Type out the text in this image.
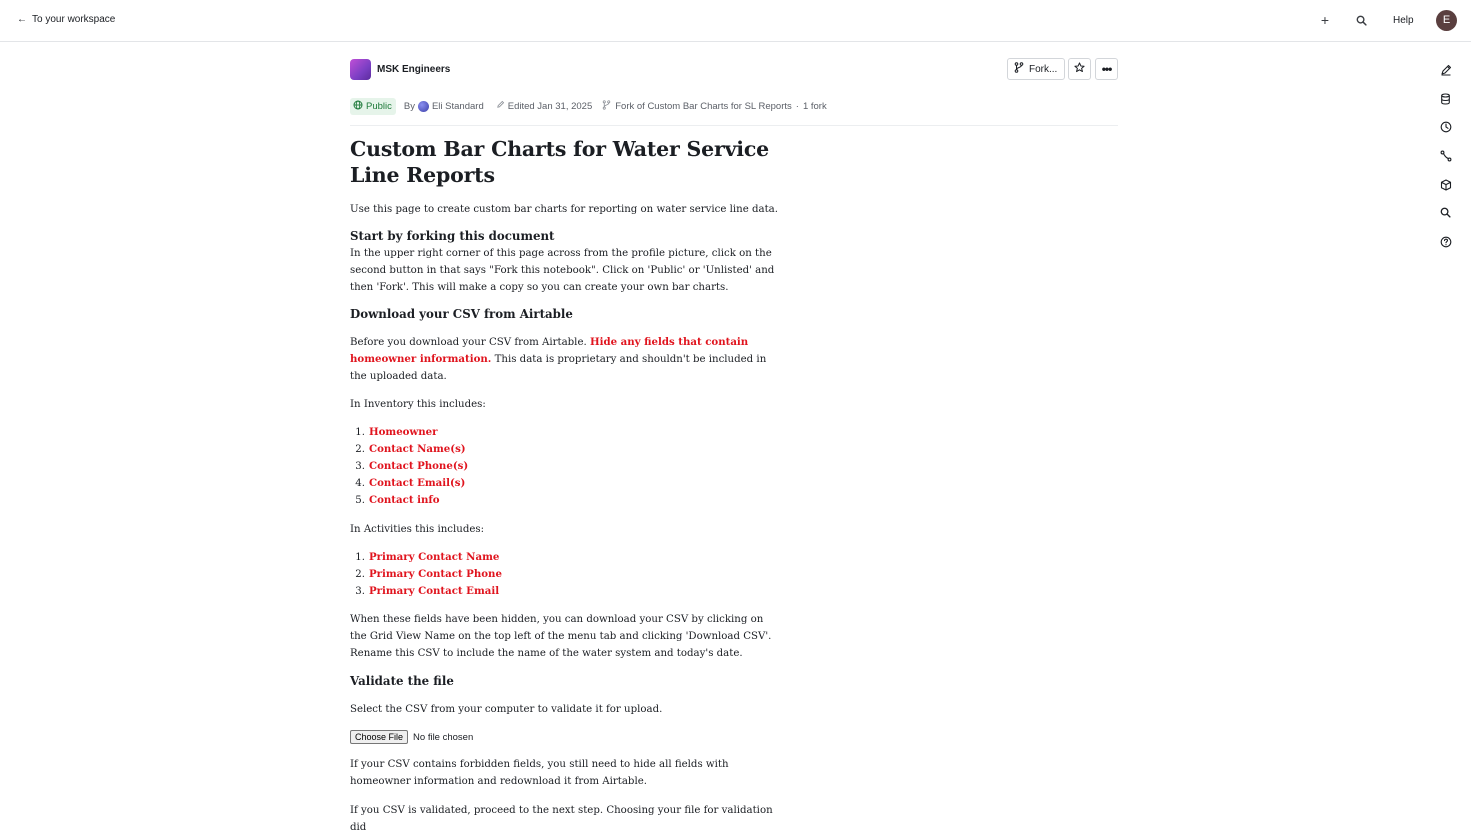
← To your workspace	+	Help	E
MSK Engineers	Fork...	•••
Public By Eli Standard	Edited Jan 31, 2025 Fork of Custom Bar Charts for SL Reports · 1 fork
Custom Bar Charts for Water Service Line Reports

Use this page to create custom bar charts for reporting on water service line data.

Start by forking this document

In the upper right corner of this page across from the profile picture, click on the second button in that says "Fork this notebook". Click on 'Public' or 'Unlisted' and then 'Fork'. This will make a copy so you can create your own bar charts.

Download your CSV from Airtable

Before you download your CSV from Airtable. Hide any fields that contain homeowner information. This data is proprietary and shouldn't be included in the uploaded data.

In Inventory this includes:

1. Homeowner
2. Contact Name(s)
3. Contact Phone(s)
4. Contact Email(s)
5. Contact info

In Activities this includes:

1. Primary Contact Name
2. Primary Contact Phone
3. Primary Contact Email

When these fields have been hidden, you can download your CSV by clicking on the Grid View Name on the top left of the menu tab and clicking 'Download CSV'. Rename this CSV to include the name of the water system and today's date.

Validate the file

Select the CSV from your computer to validate it for upload.

Choose File	No file chosen

If your CSV contains forbidden fields, you still need to hide all fields with homeowner information and redownload it from Airtable.

If you CSV is validated, proceed to the next step. Choosing your file for validation did
